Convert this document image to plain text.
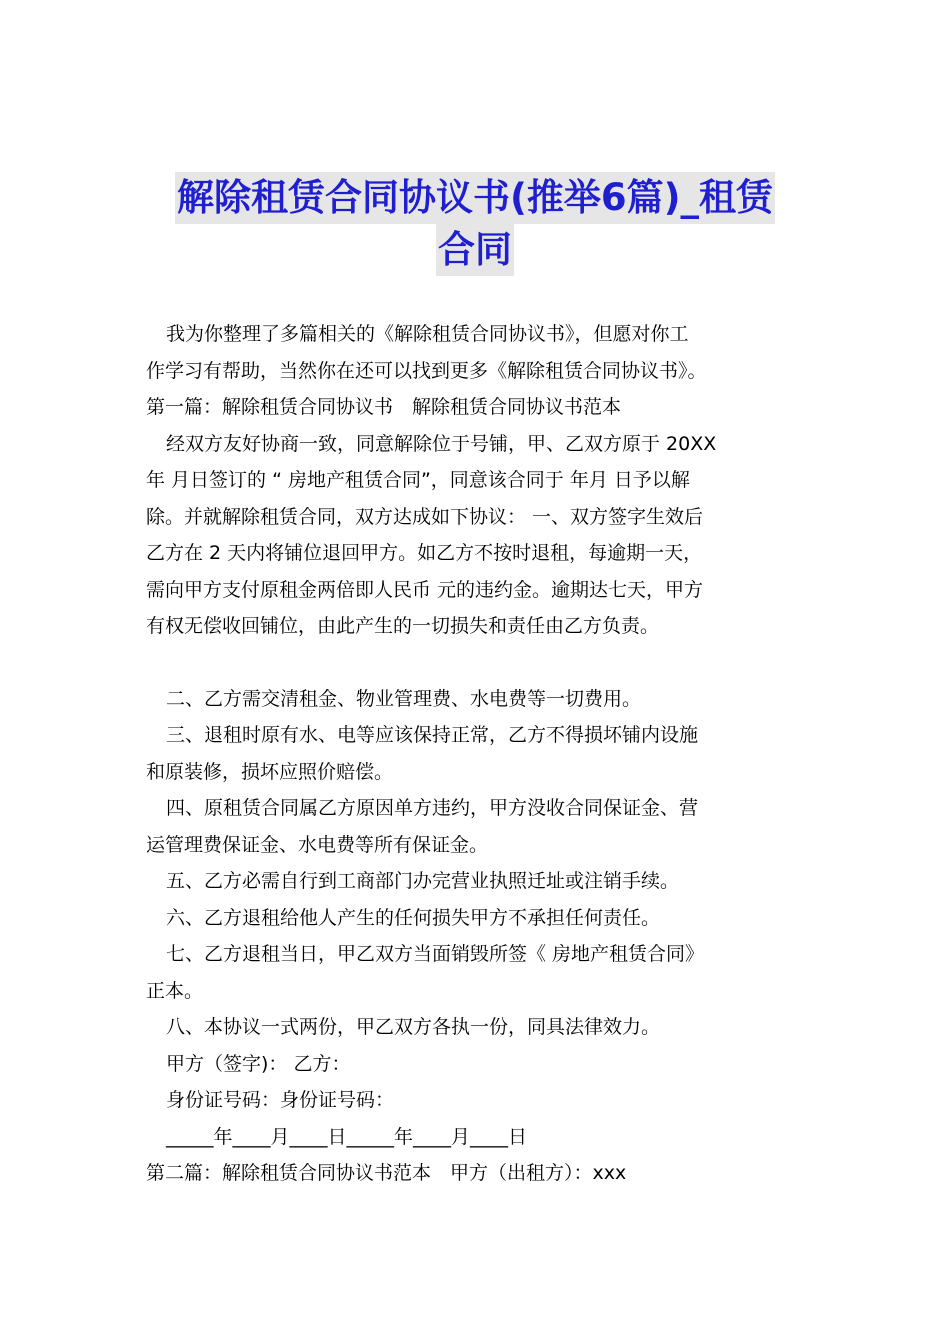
解除租赁合同协议书(推举6篇)_租赁
合同
我为你整理了多篇相关的《解除租赁合同协议书》，但愿对你工
作学习有帮助，当然你在还可以找到更多《解除租赁合同协议书》。
第一篇：解除租赁合同协议书　解除租赁合同协议书范本
经双方友好协商一致，同意解除位于号铺，甲、乙双方原于 20XX
年 月日签订的 “ 房地产租赁合同”，同意该合同于 年月 日予以解
除。并就解除租赁合同，双方达成如下协议： 一、双方签字生效后
乙方在 2 天内将铺位退回甲方。如乙方不按时退租，每逾期一天，
需向甲方支付原租金两倍即人民币 元的违约金。逾期达七天，甲方
有权无偿收回铺位，由此产生的一切损失和责任由乙方负责。
二、乙方需交清租金、物业管理费、水电费等一切费用。
三、退租时原有水、电等应该保持正常，乙方不得损坏铺内设施
和原装修，损坏应照价赔偿。
四、原租赁合同属乙方原因单方违约，甲方没收合同保证金、营
运管理费保证金、水电费等所有保证金。
五、乙方必需自行到工商部门办完营业执照迁址或注销手续。
六、乙方退租给他人产生的任何损失甲方不承担任何责任。
七、乙方退租当日，甲乙双方当面销毁所签《 房地产租赁合同》
正本。
八、本协议一式两份，甲乙双方各执一份，同具法律效力。
甲方（签字)： 乙方：
身份证号码：身份证号码：
_____年____月____日_____年____月____日
第二篇：解除租赁合同协议书范本　甲方（出租方）：xxx
